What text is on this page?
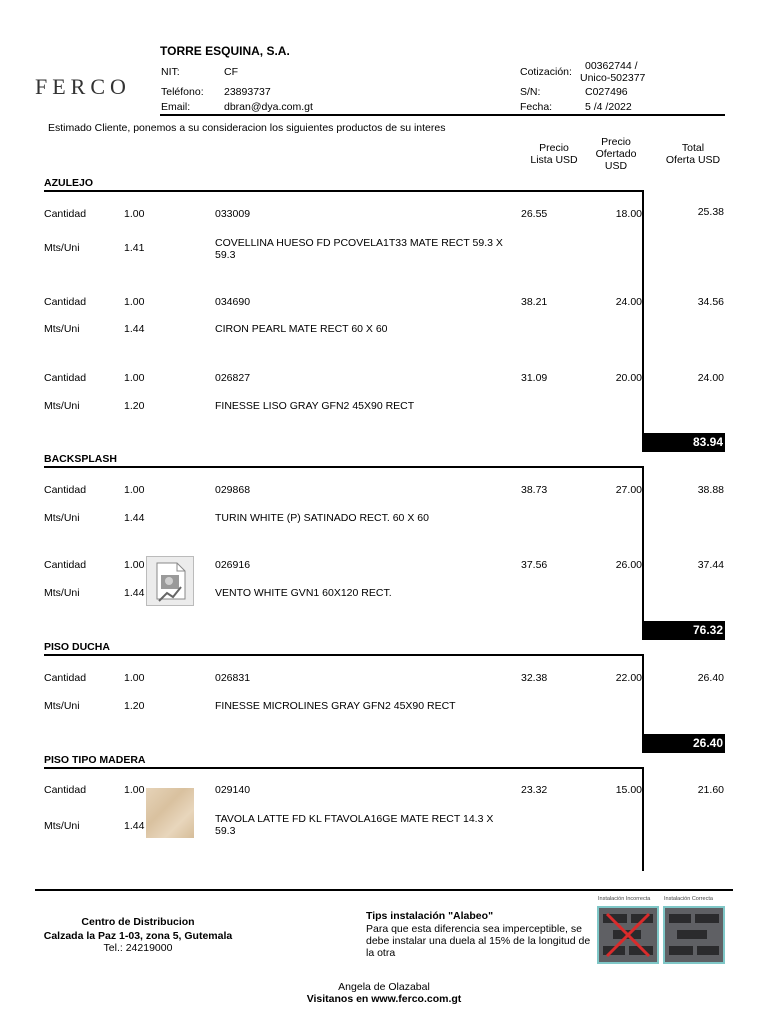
FERCO
TORRE ESQUINA, S.A.
NIT:	CF
Teléfono: 23893737
Email:	dbran@dya.com.gt
Cotización: 00362744 /
Unico-502377
S/N:	C027496
Fecha:	5 /4 /2022
Estimado Cliente, ponemos a su consideracion los siguientes productos de su interes
Precio
Lista USD
Precio
Ofertado
USD
Total
Oferta USD
AZULEJO
Cantidad	1.00	033009	26.55	18.00	25.38
Mts/Uni	1.41	COVELLINA HUESO FD PCOVELA1T33 MATE RECT 59.3 X 59.3
Cantidad	1.00	034690	38.21	24.00	34.56
Mts/Uni	1.44	CIRON PEARL MATE RECT 60 X 60
Cantidad	1.00	026827	31.09	20.00	24.00
Mts/Uni	1.20	FINESSE LISO GRAY GFN2 45X90 RECT
83.94
BACKSPLASH
Cantidad	1.00	029868	38.73	27.00	38.88
Mts/Uni	1.44	TURIN WHITE (P) SATINADO RECT. 60 X 60
Cantidad	1.00	026916	37.56	26.00	37.44
Mts/Uni	1.44	VENTO WHITE GVN1 60X120 RECT.
76.32
PISO DUCHA
Cantidad	1.00	026831	32.38	22.00	26.40
Mts/Uni	1.20	FINESSE MICROLINES GRAY GFN2 45X90 RECT
26.40
PISO TIPO MADERA
Cantidad	1.00	029140	23.32	15.00	21.60
Mts/Uni	1.44
TAVOLA LATTE FD KL FTAVOLA16GE MATE RECT 14.3 X 59.3
Centro de Distribucion
Calzada la Paz 1-03, zona 5, Gutemala
Tel.: 24219000
Tips instalación "Alabeo"
Para que esta diferencia sea imperceptible, se debe instalar una duela al 15% de la longitud de la otra
Instalación Incorrecta Instalación Correcta
Angela de Olazabal
Visitanos en www.ferco.com.gt
